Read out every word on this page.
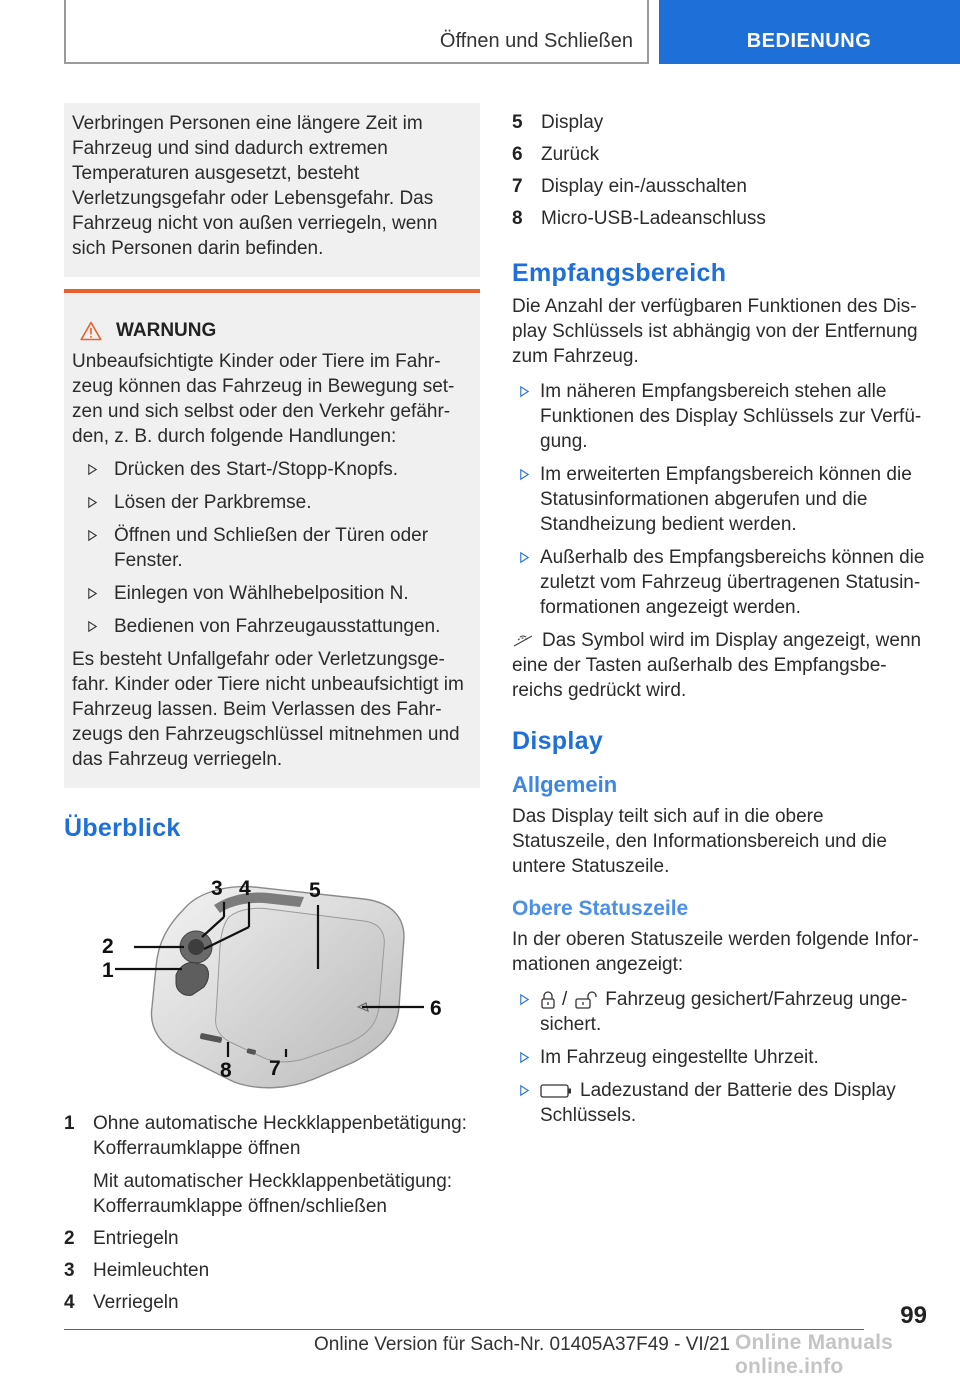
Öffnen und Schließen	BEDIENUNG

Verbringen Personen eine längere Zeit im Fahrzeug und sind dadurch extremen Temperaturen ausgesetzt, besteht Verletzungsgefahr oder Lebensgefahr. Das Fahrzeug nicht von außen verriegeln, wenn sich Personen darin befinden.

WARNUNG

Unbeaufsichtigte Kinder oder Tiere im Fahrzeug können das Fahrzeug in Bewegung setzen und sich selbst oder den Verkehr gefährden, z. B. durch folgende Handlungen:

Drücken des Start-/Stopp-Knopfs.
Lösen der Parkbremse.
Öffnen und Schließen der Türen oder Fenster.
Einlegen von Wählhebelposition N.
Bedienen von Fahrzeugausstattungen.

Es besteht Unfallgefahr oder Verletzungsgefahr. Kinder oder Tiere nicht unbeaufsichtigt im Fahrzeug lassen. Beim Verlassen des Fahrzeugs den Fahrzeugschlüssel mitnehmen und das Fahrzeug verriegeln.

Überblick
1
2
3 4	5
6
7
8
1 Ohne automatische Heckklappenbetätigung: Kofferraumklappe öffnen
Mit automatischer Heckklappenbetätigung: Kofferraumklappe öffnen/schließen
2 Entriegeln
3 Heimleuchten
4 Verriegeln
5 Display
6 Zurück
7 Display ein-/ausschalten
8 Micro-USB-Ladeanschluss
Empfangsbereich

Die Anzahl der verfügbaren Funktionen des Display Schlüssels ist abhängig von der Entfernung zum Fahrzeug.

Im näheren Empfangsbereich stehen alle Funktionen des Display Schlüssels zur Verfügung.
Im erweiterten Empfangsbereich können die Statusinformationen abgerufen und die Standheizung bedient werden.
Außerhalb des Empfangsbereichs können die zuletzt vom Fahrzeug übertragenen Statusinformationen angezeigt werden.

Das Symbol wird im Display angezeigt, wenn eine der Tasten außerhalb des Empfangsbereichs gedrückt wird.

Display
Allgemein

Das Display teilt sich auf in die obere Statuszeile, den Informationsbereich und die untere Statuszeile.

Obere Statuszeile

In der oberen Statuszeile werden folgende Informationen angezeigt:

/ Fahrzeug gesichert/Fahrzeug ungesichert.
Im Fahrzeug eingestellte Uhrzeit.
Ladezustand der Batterie des Display Schlüssels.
99
Online Version für Sach-Nr. 01405A37F49 - VI/21 Online Manuals online.info
